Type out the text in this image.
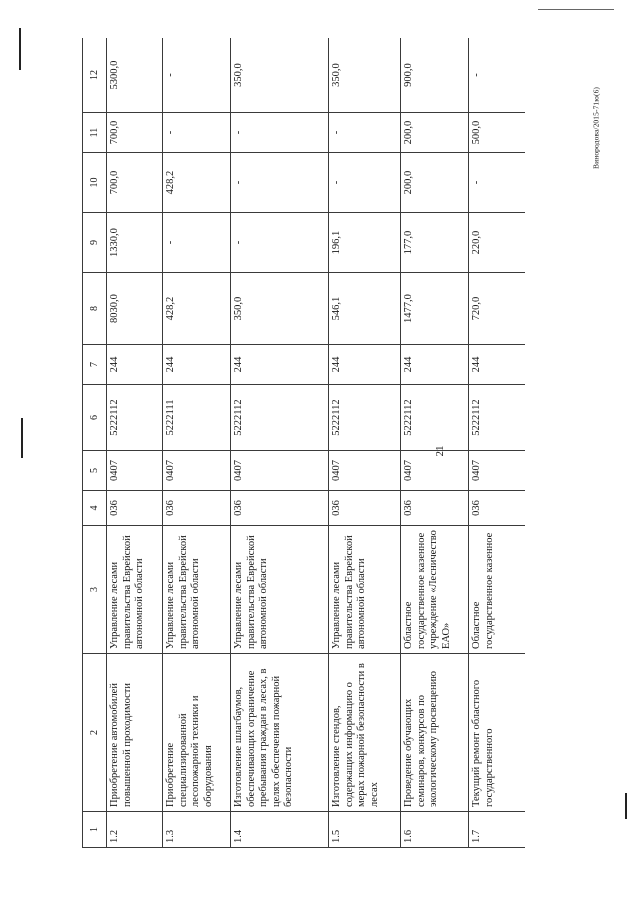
21
Винородова/2015-71ю(6)
1	2	3	4	5	6	7	8	9	10	11	12
1.2	Приобретение автомобилей повышенной проходимости	Управление лесами правительства Еврейской автономной области	036	0407	5222112	244	8030,0	1330,0	700,0	700,0	5300,0
1.3	Приобретение специализированной лесопожарной техники и оборудования	Управление лесами правительства Еврейской автономной области	036	0407	5222111	244	428,2	-	428,2	-	-
1.4	Изготовление шлагбаумов, обеспечивающих ограничение пребывания граждан в лесах, в целях обеспечения пожарной безопасности	Управление лесами правительства Еврейской автономной области	036	0407	5222112	244	350,0	-	-	-	350,0
1.5	Изготовление стендов, содержащих информацию о мерах пожарной безопасности в лесах	Управление лесами правительства Еврейской автономной области	036	0407	5222112	244	546,1	196,1	-	-	350,0
1.6	Проведение обучающих семинаров, конкурсов по экологическому просвещению	Областное государственное казенное учреждение «Лесничество ЕАО»	036	0407	5222112	244	1477,0	177,0	200,0	200,0	900,0
1.7	Текущий ремонт областного государственного	Областное государственное казенное	036	0407	5222112	244	720,0	220,0	-	500,0	-
